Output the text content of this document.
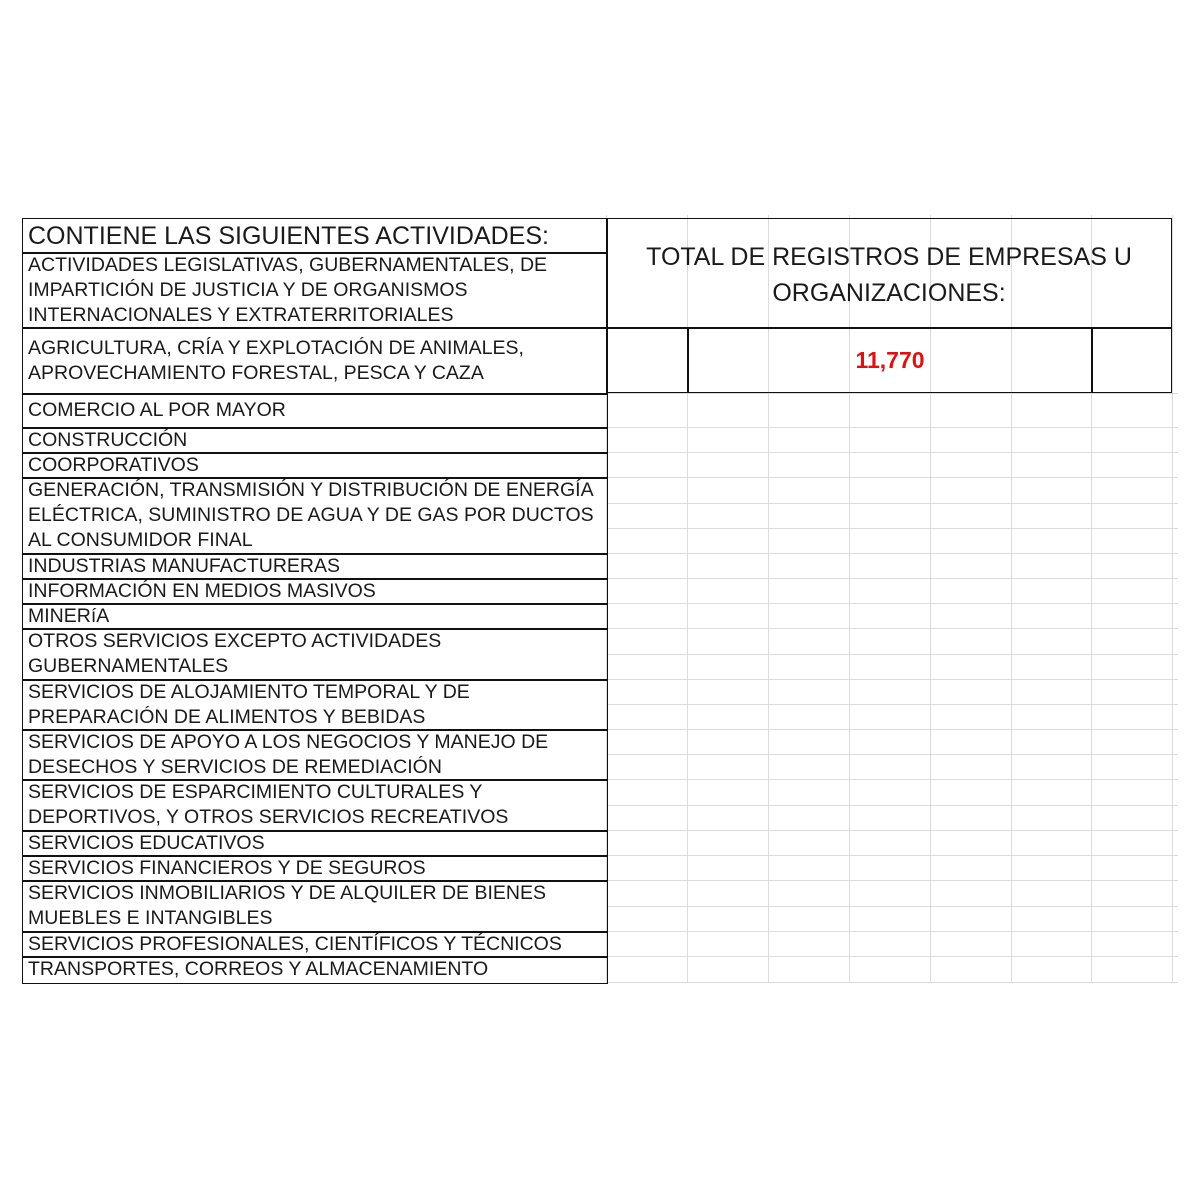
CONTIENE LAS SIGUIENTES ACTIVIDADES:
TOTAL DE REGISTROS DE EMPRESAS U ORGANIZACIONES:
11,770
ACTIVIDADES LEGISLATIVAS, GUBERNAMENTALES, DE IMPARTICIÓN DE JUSTICIA Y DE ORGANISMOS INTERNACIONALES Y EXTRATERRITORIALES
AGRICULTURA, CRÍA Y EXPLOTACIÓN DE ANIMALES, APROVECHAMIENTO FORESTAL, PESCA Y CAZA
COMERCIO AL POR MAYOR
CONSTRUCCIÓN
COORPORATIVOS
GENERACIÓN, TRANSMISIÓN Y DISTRIBUCIÓN DE ENERGÍA ELÉCTRICA, SUMINISTRO DE AGUA Y DE GAS POR DUCTOS AL CONSUMIDOR FINAL
INDUSTRIAS MANUFACTURERAS
INFORMACIÓN EN MEDIOS MASIVOS
MINERíA
OTROS SERVICIOS EXCEPTO ACTIVIDADES GUBERNAMENTALES
SERVICIOS DE ALOJAMIENTO TEMPORAL Y DE PREPARACIÓN DE ALIMENTOS Y BEBIDAS
SERVICIOS DE APOYO A LOS NEGOCIOS Y MANEJO DE DESECHOS Y SERVICIOS DE REMEDIACIÓN
SERVICIOS DE ESPARCIMIENTO CULTURALES Y DEPORTIVOS, Y OTROS SERVICIOS RECREATIVOS
SERVICIOS EDUCATIVOS
SERVICIOS FINANCIEROS Y DE SEGUROS
SERVICIOS INMOBILIARIOS Y DE ALQUILER DE BIENES MUEBLES E INTANGIBLES
SERVICIOS PROFESIONALES, CIENTÍFICOS Y TÉCNICOS
TRANSPORTES, CORREOS Y ALMACENAMIENTO
